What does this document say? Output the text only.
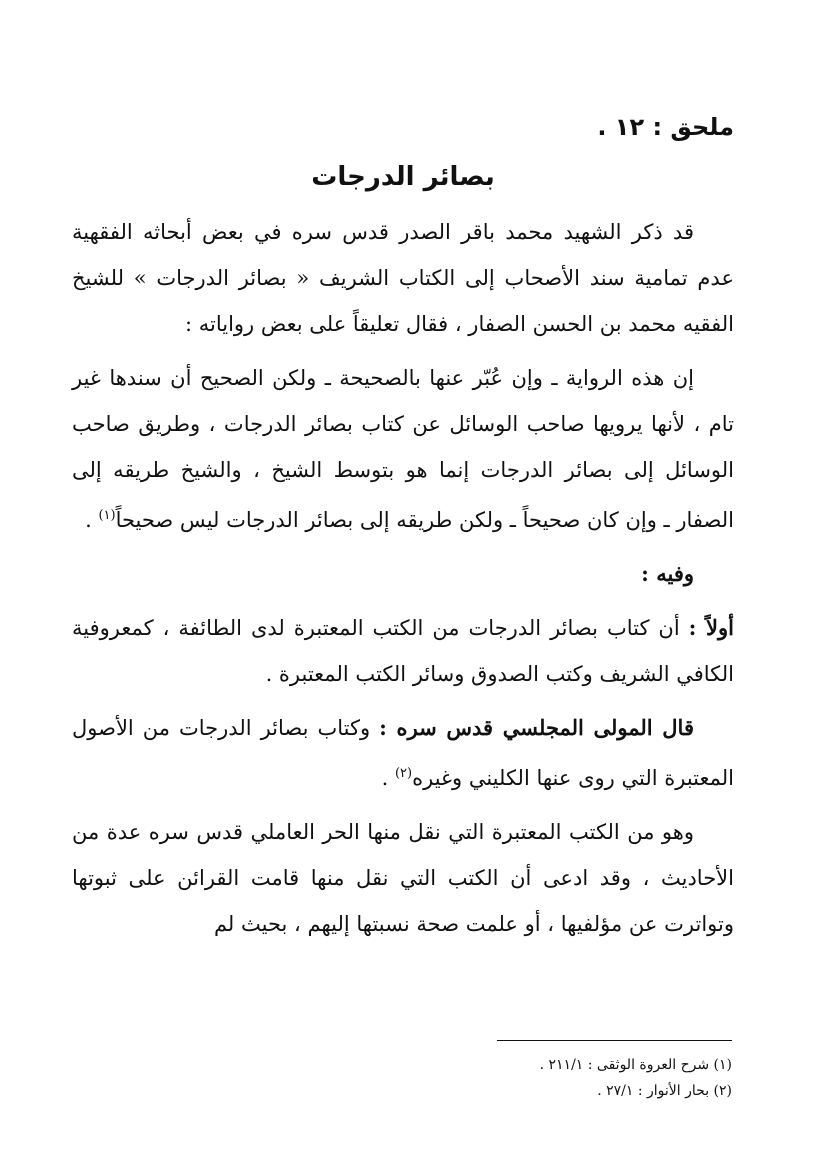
ملحق : ١٢ .
بصائر الدرجات

قد ذكر الشهيد محمد باقر الصدر قدس سره في بعض أبحاثه الفقهية عدم تمامية سند الأصحاب إلى الكتاب الشريف « بصائر الدرجات » للشيخ الفقيه محمد بن الحسن الصفار ، فقال تعليقاً على بعض رواياته :

إن هذه الرواية ـ وإن عُبّر عنها بالصحيحة ـ ولكن الصحيح أن سندها غير تام ، لأنها يرويها صاحب الوسائل عن كتاب بصائر الدرجات ، وطريق صاحب الوسائل إلى بصائر الدرجات إنما هو بتوسط الشيخ ، والشيخ طريقه إلى الصفار ـ وإن كان صحيحاً ـ ولكن طريقه إلى بصائر الدرجات ليس صحيحاً$^{(١)}$ .

وفيه :

أولاً : أن كتاب بصائر الدرجات من الكتب المعتبرة لدى الطائفة ، كمعروفية الكافي الشريف وكتب الصدوق وسائر الكتب المعتبرة .

قال المولى المجلسي قدس سره : وكتاب بصائر الدرجات من الأصول المعتبرة التي روى عنها الكليني وغيره$^{(٢)}$ .

وهو من الكتب المعتبرة التي نقل منها الحر العاملي قدس سره عدة من الأحاديث ، وقد ادعى أن الكتب التي نقل منها قامت القرائن على ثبوتها وتواترت عن مؤلفيها ، أو علمت صحة نسبتها إليهم ، بحيث لم

(١) شرح العروة الوثقى : ٢١١/١ .
(٢) بحار الأنوار : ٢٧/١ .
